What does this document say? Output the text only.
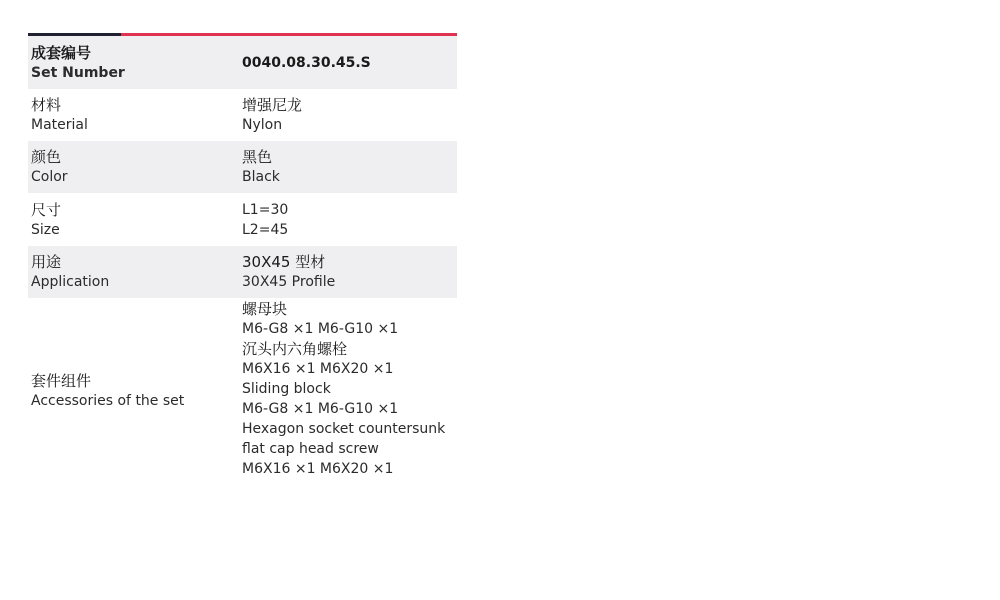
成套编号
Set Number
0040.08.30.45.S
材料
Material
增强尼龙
Nylon
颜色
Color
黑色
Black
尺寸
Size
L1=30
L2=45
用途
Application
30X45 型材
30X45 Profile
套件组件
Accessories of the set
螺母块
M6-G8 ×1 M6-G10 ×1
沉头内六角螺栓
M6X16 ×1 M6X20 ×1
Sliding block
M6-G8 ×1 M6-G10 ×1
Hexagon socket countersunk
flat cap head screw
M6X16 ×1 M6X20 ×1
